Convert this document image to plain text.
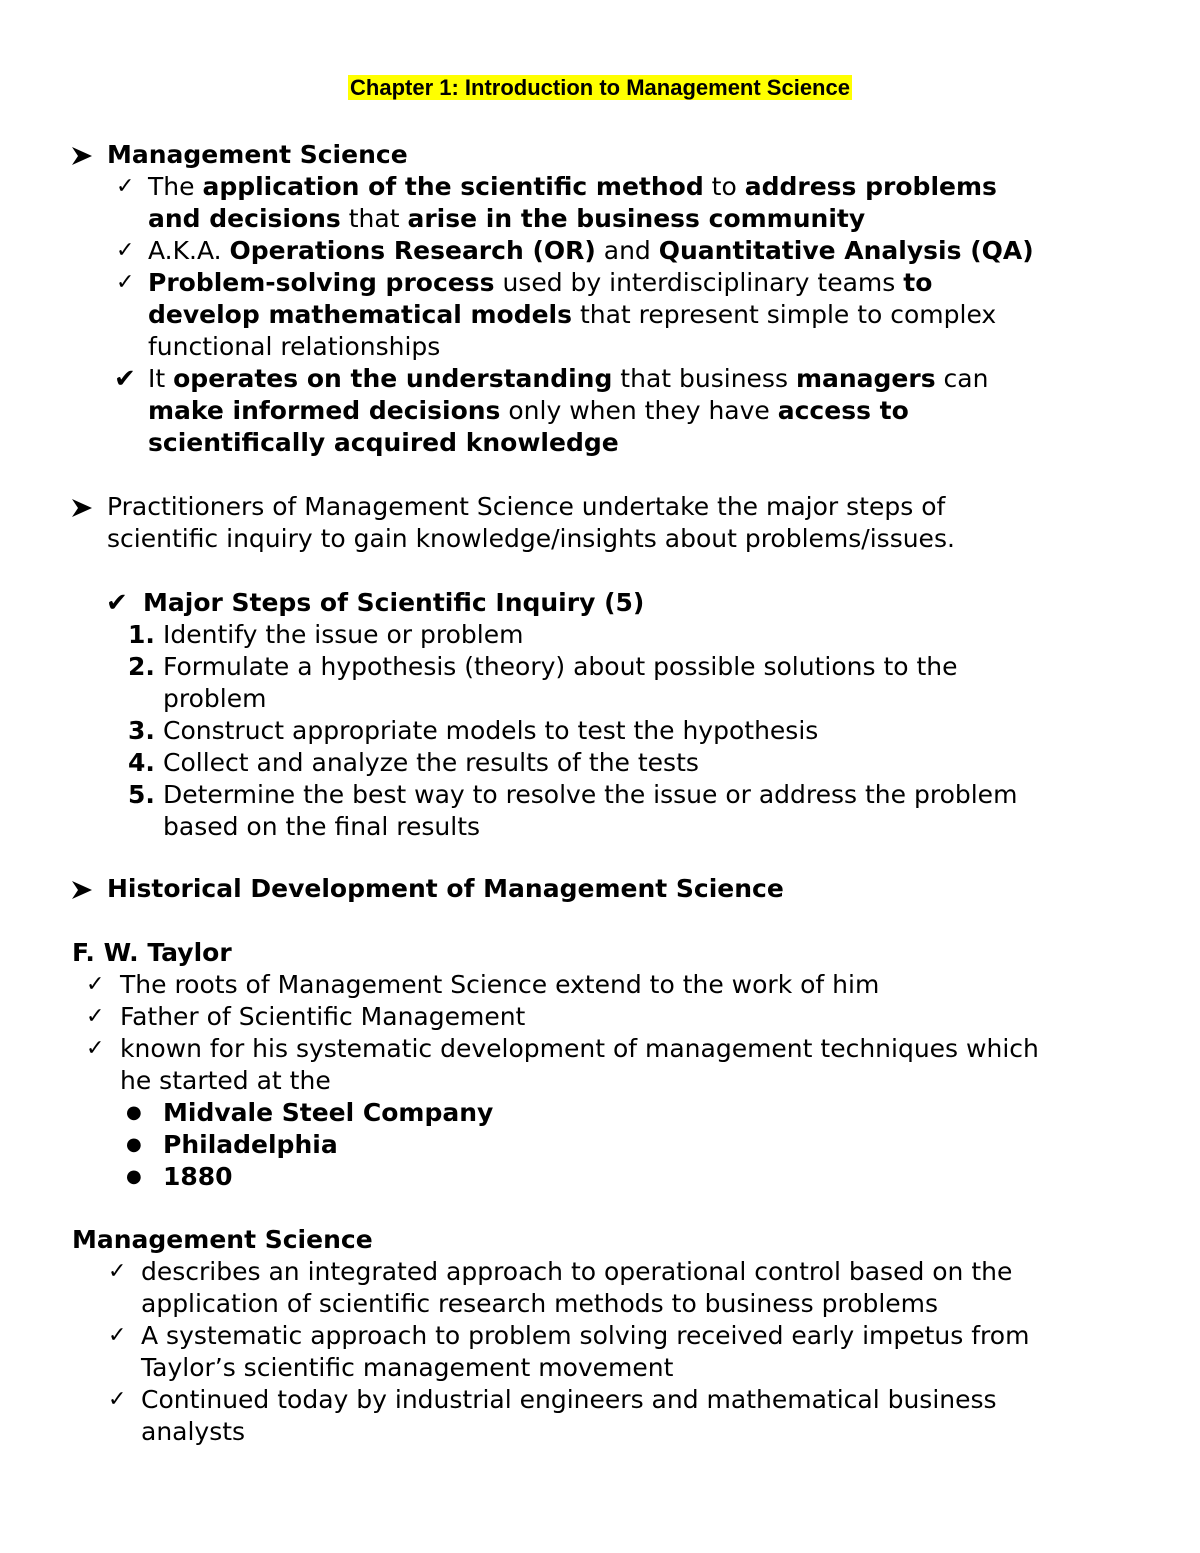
Chapter 1: Introduction to Management Science
Management Science
✓ The application of the scientific method to address problems
and decisions that arise in the business community
✓ A.K.A. Operations Research (OR) and Quantitative Analysis (QA)
✓ Problem-solving process used by interdisciplinary teams to
develop mathematical models that represent simple to complex
functional relationships
✔ It operates on the understanding that business managers can
make informed decisions only when they have access to
scientifically acquired knowledge
Practitioners of Management Science undertake the major steps of
scientific inquiry to gain knowledge/insights about problems/issues.
✔ Major Steps of Scientific Inquiry (5)
1. Identify the issue or problem
2. Formulate a hypothesis (theory) about possible solutions to the
problem
3. Construct appropriate models to test the hypothesis
4. Collect and analyze the results of the tests
5. Determine the best way to resolve the issue or address the problem
based on the final results
Historical Development of Management Science
F. W. Taylor
✓ The roots of Management Science extend to the work of him
✓ Father of Scientific Management
✓ known for his systematic development of management techniques which
he started at the
● Midvale Steel Company
● Philadelphia
● 1880
Management Science
✓ describes an integrated approach to operational control based on the
application of scientific research methods to business problems
✓ A systematic approach to problem solving received early impetus from
Taylor’s scientific management movement
✓ Continued today by industrial engineers and mathematical business
analysts
